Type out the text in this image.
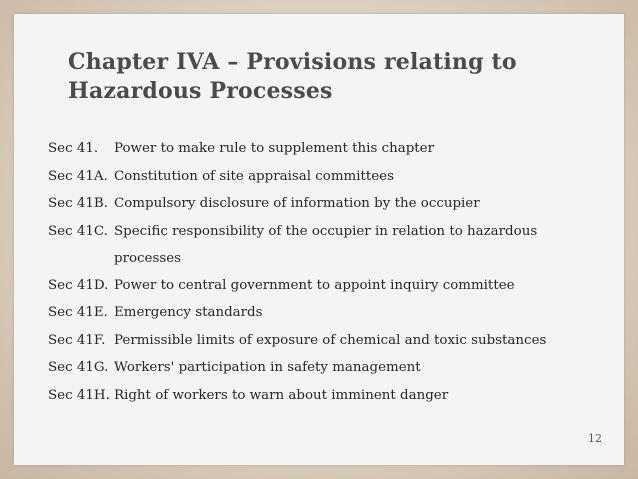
Chapter IVA – Provisions relating to
Hazardous Processes
Sec 41.	Power to make rule to supplement this chapter
Sec 41A. Constitution of site appraisal committees
Sec 41B. Compulsory disclosure of information by the occupier
Sec 41C. Specific responsibility of the occupier in relation to hazardous processes
Sec 41D. Power to central government to appoint inquiry committee
Sec 41E. Emergency standards
Sec 41F. Permissible limits of exposure of chemical and toxic substances
Sec 41G. Workers' participation in safety management
Sec 41H. Right of workers to warn about imminent danger
12
